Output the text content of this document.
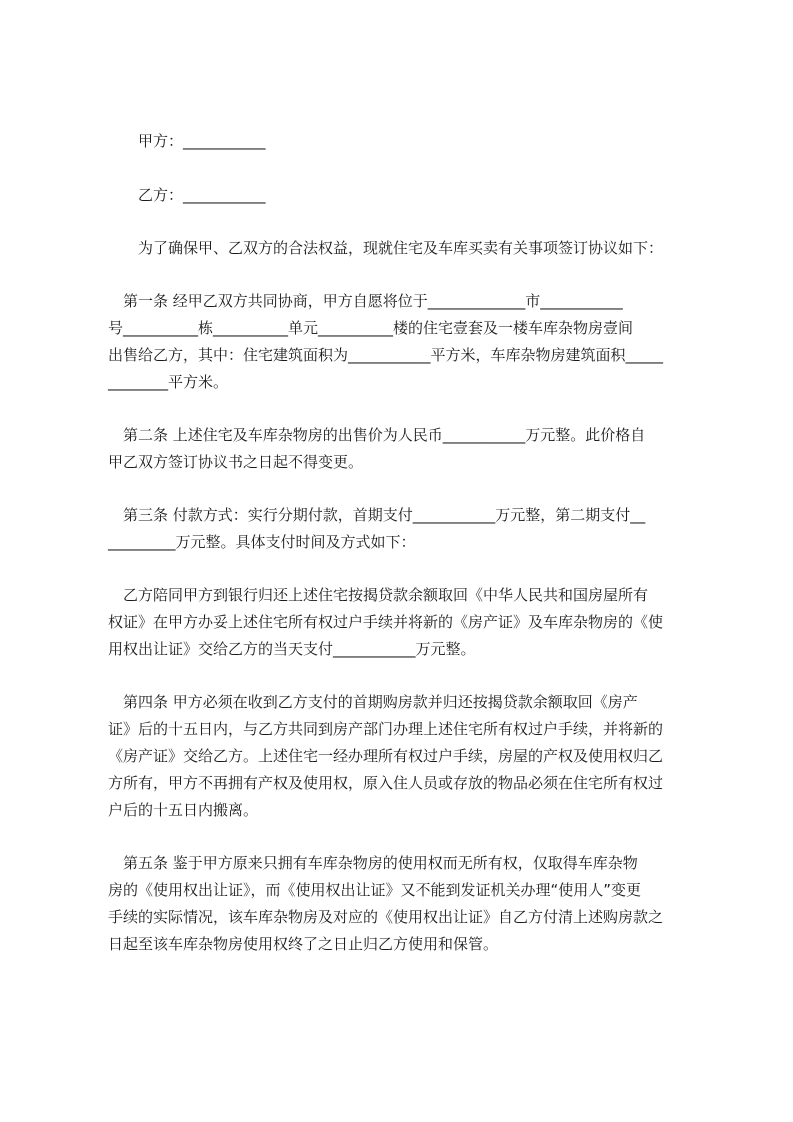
甲方：___________
乙方：___________
为了确保甲、乙双方的合法权益，现就住宅及车库买卖有关事项签订协议如下：
　第一条 经甲乙双方共同协商，甲方自愿将位于_____________市___________
号__________栋__________单元__________楼的住宅壹套及一楼车库杂物房壹间
出售给乙方，其中：住宅建筑面积为___________平方米，车库杂物房建筑面积_____
________平方米。
　第二条 上述住宅及车库杂物房的出售价为人民币___________万元整。此价格自
甲乙双方签订协议书之日起不得变更。
　第三条 付款方式：实行分期付款，首期支付___________万元整，第二期支付__
_________万元整。具体支付时间及方式如下：
　乙方陪同甲方到银行归还上述住宅按揭贷款余额取回《中华人民共和国房屋所有
权证》在甲方办妥上述住宅所有权过户手续并将新的《房产证》及车库杂物房的《使
用权出让证》交给乙方的当天支付___________万元整。
　第四条 甲方必须在收到乙方支付的首期购房款并归还按揭贷款余额取回《房产
证》后的十五日内，与乙方共同到房产部门办理上述住宅所有权过户手续，并将新的
《房产证》交给乙方。上述住宅一经办理所有权过户手续，房屋的产权及使用权归乙
方所有，甲方不再拥有产权及使用权，原入住人员或存放的物品必须在住宅所有权过
户后的十五日内搬离。
　第五条 鉴于甲方原来只拥有车库杂物房的使用权而无所有权，仅取得车库杂物
房的《使用权出让证》，而《使用权出让证》又不能到发证机关办理“使用人”变更
手续的实际情况，该车库杂物房及对应的《使用权出让证》自乙方付清上述购房款之
日起至该车库杂物房使用权终了之日止归乙方使用和保管。
